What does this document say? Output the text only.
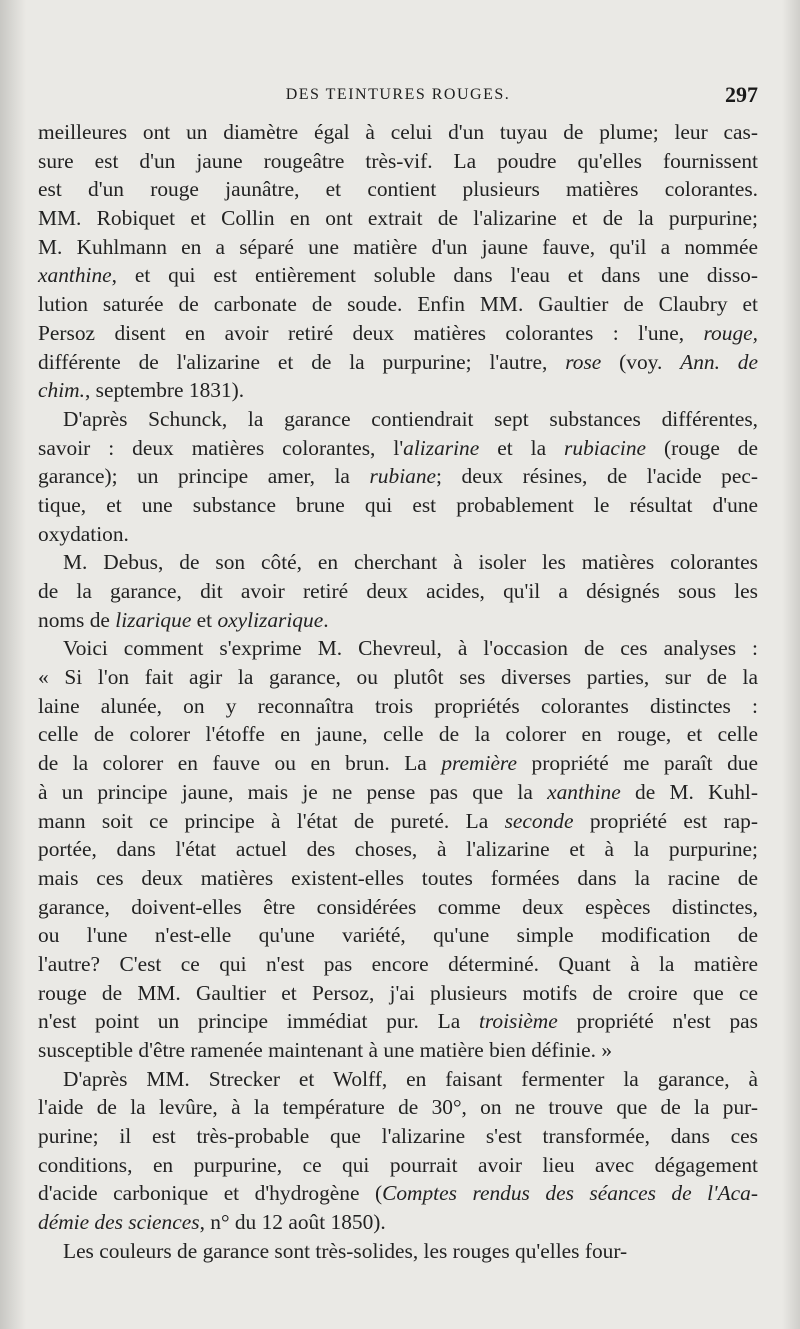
DES TEINTURES ROUGES.	297
meilleures ont un diamètre égal à celui d'un tuyau de plume; leur cas-
sure est d'un jaune rougeâtre très-vif. La poudre qu'elles fournissent
est d'un rouge jaunâtre, et contient plusieurs matières colorantes.
MM. Robiquet et Collin en ont extrait de l'alizarine et de la purpurine;
M. Kuhlmann en a séparé une matière d'un jaune fauve, qu'il a nommée
xanthine, et qui est entièrement soluble dans l'eau et dans une disso-
lution saturée de carbonate de soude. Enfin MM. Gaultier de Claubry et
Persoz disent en avoir retiré deux matières colorantes : l'une, rouge,
différente de l'alizarine et de la purpurine; l'autre, rose (voy. Ann. de
chim., septembre 1831).
D'après Schunck, la garance contiendrait sept substances différentes,
savoir : deux matières colorantes, l'alizarine et la rubiacine (rouge de
garance); un principe amer, la rubiane; deux résines, de l'acide pec-
tique, et une substance brune qui est probablement le résultat d'une
oxydation.
M. Debus, de son côté, en cherchant à isoler les matières colorantes
de la garance, dit avoir retiré deux acides, qu'il a désignés sous les
noms de lizarique et oxylizarique.
Voici comment s'exprime M. Chevreul, à l'occasion de ces analyses :
« Si l'on fait agir la garance, ou plutôt ses diverses parties, sur de la
laine alunée, on y reconnaîtra trois propriétés colorantes distinctes :
celle de colorer l'étoffe en jaune, celle de la colorer en rouge, et celle
de la colorer en fauve ou en brun. La première propriété me paraît due
à un principe jaune, mais je ne pense pas que la xanthine de M. Kuhl-
mann soit ce principe à l'état de pureté. La seconde propriété est rap-
portée, dans l'état actuel des choses, à l'alizarine et à la purpurine;
mais ces deux matières existent-elles toutes formées dans la racine de
garance, doivent-elles être considérées comme deux espèces distinctes,
ou l'une n'est-elle qu'une variété, qu'une simple modification de
l'autre? C'est ce qui n'est pas encore déterminé. Quant à la matière
rouge de MM. Gaultier et Persoz, j'ai plusieurs motifs de croire que ce
n'est point un principe immédiat pur. La troisième propriété n'est pas
susceptible d'être ramenée maintenant à une matière bien définie. »
D'après MM. Strecker et Wolff, en faisant fermenter la garance, à
l'aide de la levûre, à la température de 30°, on ne trouve que de la pur-
purine; il est très-probable que l'alizarine s'est transformée, dans ces
conditions, en purpurine, ce qui pourrait avoir lieu avec dégagement
d'acide carbonique et d'hydrogène (Comptes rendus des séances de l'Aca-
démie des sciences, n° du 12 août 1850).
Les couleurs de garance sont très-solides, les rouges qu'elles four-
